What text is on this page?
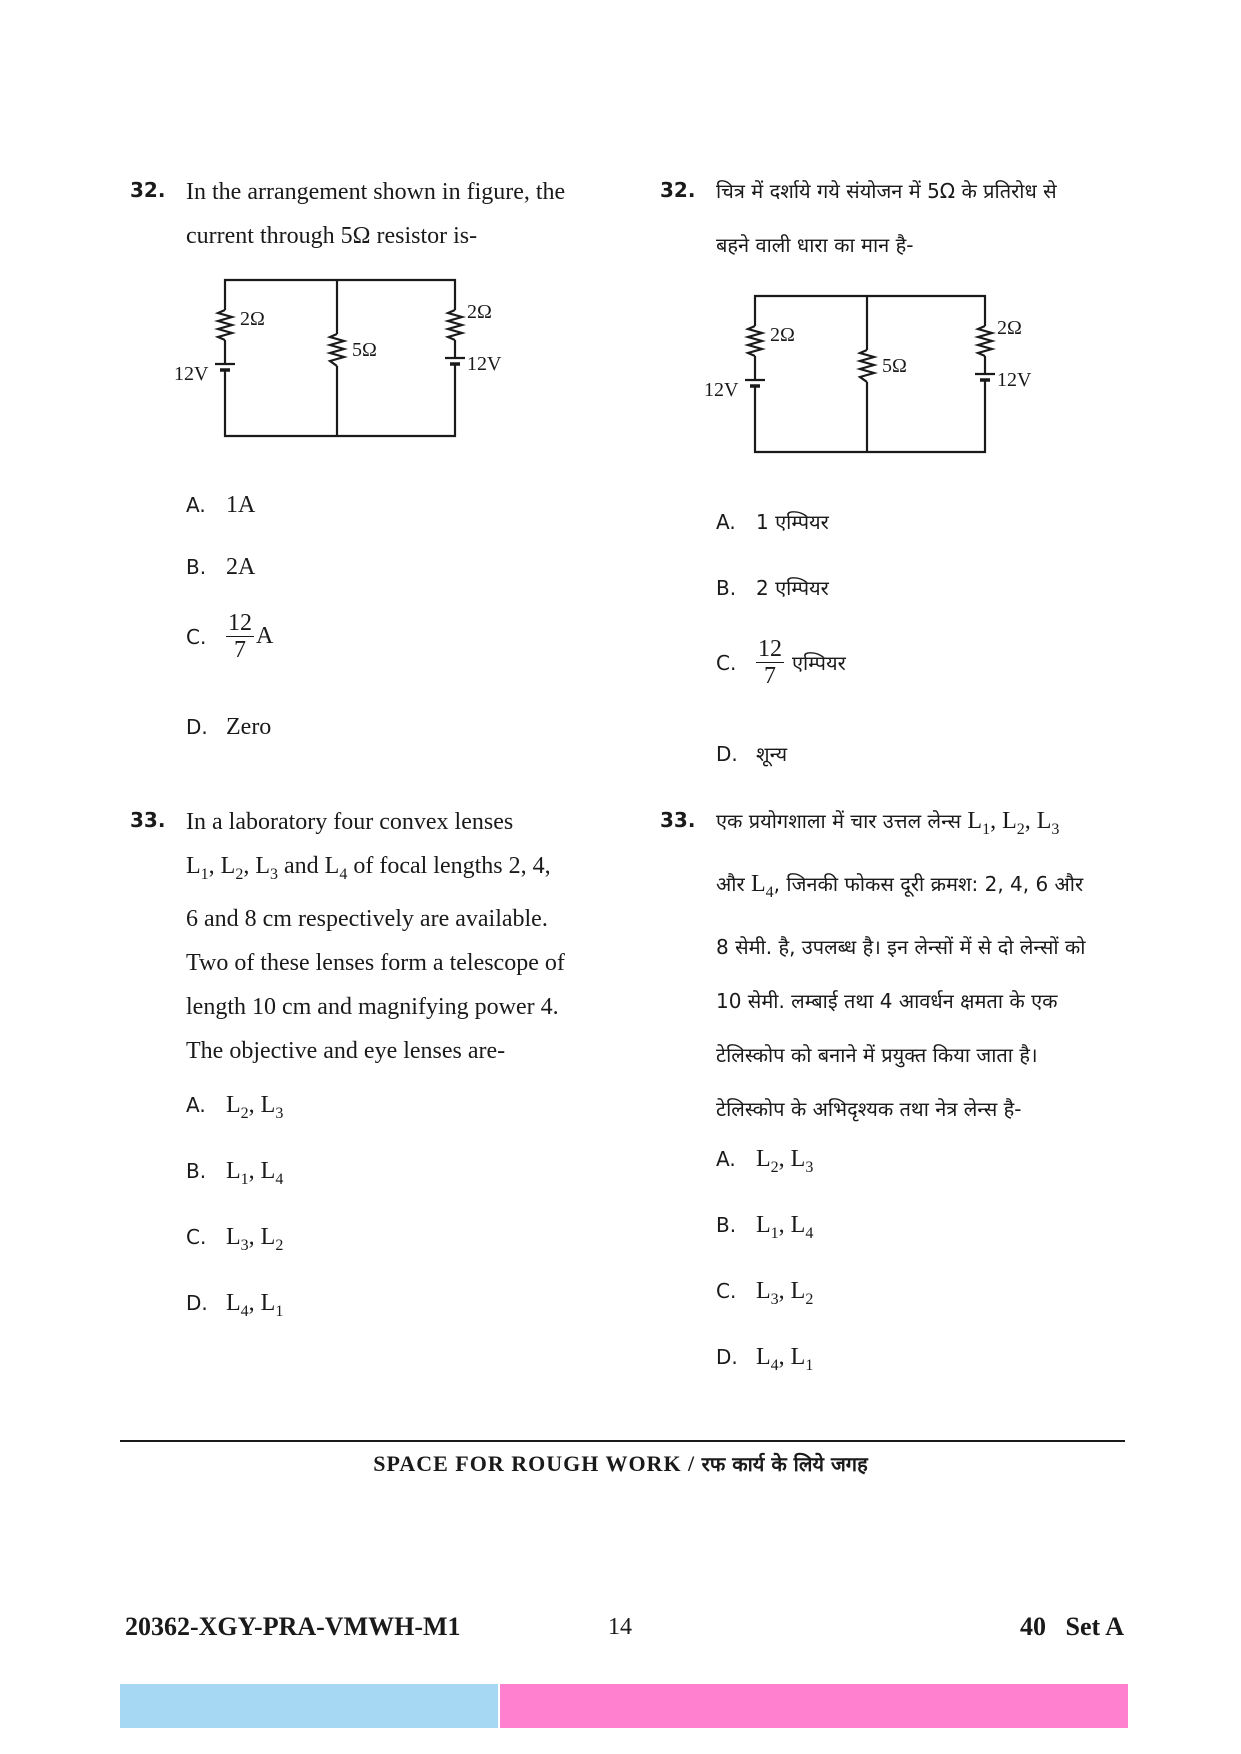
32. In the arrangement shown in figure, the
current through 5Ω resistor is-
2Ω
5Ω
2Ω
12V	12V
A. 1A
B. 2A
C. $\frac{12}{7}$ A
D. Zero
33. In a laboratory four convex lenses
$L_1$, $L_2$, $L_3$ and $L_4$ of focal lengths 2, 4,
6 and 8 cm respectively are available.
Two of these lenses form a telescope of
length 10 cm and magnifying power 4.
The objective and eye lenses are-
A. $L_2$, $L_3$
B. $L_1$, $L_4$
C. $L_3$, $L_2$
D. $L_4$, $L_1$
32. चित्र में दर्शाये गये संयोजन में 5Ω के प्रतिरोध से
बहने वाली धारा का मान है-
2Ω
5Ω
2Ω
12V	12V
A. 1 एम्पियर
B. 2 एम्पियर
C. $\frac{12}{7}$ एम्पियर
D. शून्य
33. एक प्रयोगशाला में चार उत्तल लेन्स $L_1$, $L_2$, $L_3$
और $L_4$, जिनकी फोकस दूरी क्रमश: 2, 4, 6 और
8 सेमी. है, उपलब्ध है। इन लेन्सों में से दो लेन्सों को
10 सेमी. लम्बाई तथा 4 आवर्धन क्षमता के एक
टेलिस्कोप को बनाने में प्रयुक्त किया जाता है।
टेलिस्कोप के अभिदृश्यक तथा नेत्र लेन्स है-
A. $L_2$, $L_3$
B. $L_1$, $L_4$
C. $L_3$, $L_2$
D. $L_4$, $L_1$
SPACE FOR ROUGH WORK / रफ कार्य के लिये जगह
20362-XGY-PRA-VMWH-M1	14	40   Set A
